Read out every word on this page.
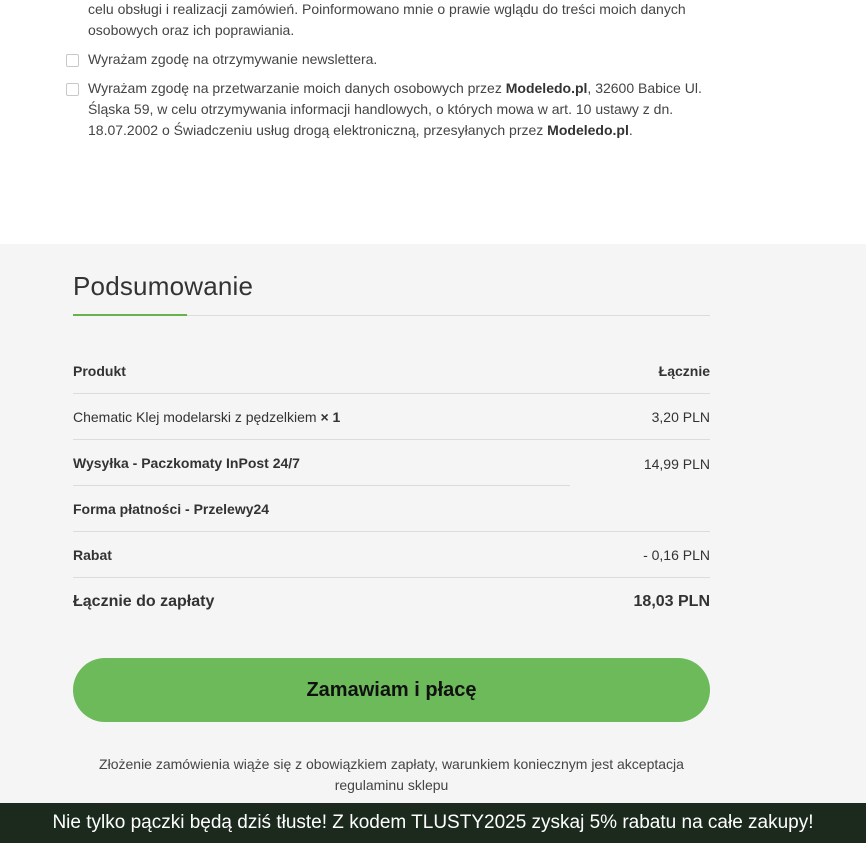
celu obsługi i realizacji zamówień. Poinformowano mnie o prawie wglądu do treści moich danych osobowych oraz ich poprawiania.
Wyrażam zgodę na otrzymywanie newslettera.
Wyrażam zgodę na przetwarzanie moich danych osobowych przez Modeledo.pl, 32600 Babice Ul. Śląska 59, w celu otrzymywania informacji handlowych, o których mowa w art. 10 ustawy z dn. 18.07.2002 o Świadczeniu usług drogą elektroniczną, przesyłanych przez Modeledo.pl.
Podsumowanie
Produkt	Łącznie
Chematic Klej modelarski z pędzelkiem × 1	3,20 PLN
Wysyłka - Paczkomaty InPost 24/7	14,99 PLN
Forma płatności - Przelewy24
Rabat	- 0,16 PLN
Łącznie do zapłaty	18,03 PLN
Zamawiam i płacę
Złożenie zamówienia wiąże się z obowiązkiem zapłaty, warunkiem koniecznym jest akceptacja regulaminu sklepu
Nie tylko pączki będą dziś tłuste! Z kodem TLUSTY2025 zyskaj 5% rabatu na całe zakupy!
